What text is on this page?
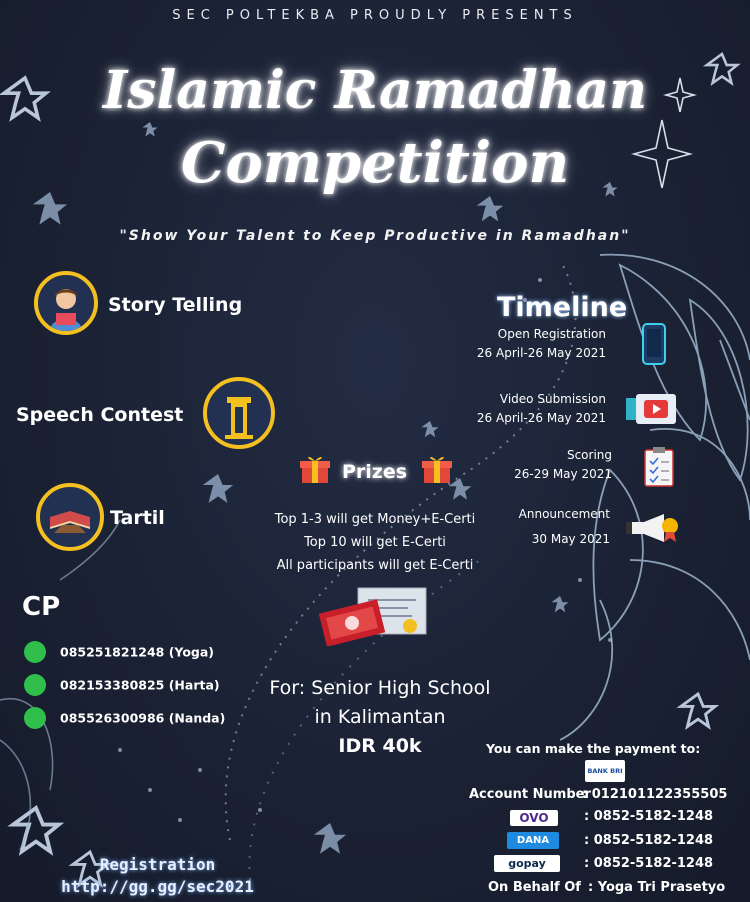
SEC POLTEKBA PROUDLY PRESENTS
Islamic Ramadhan
Competition
"Show Your Talent to Keep Productive in Ramadhan"
Story Telling
Speech Contest
Tartil
Timeline
Open Registration
26 April-26 May 2021
Video Submission
26 April-26 May 2021
Scoring
26-29 May 2021
Announcement
30 May 2021
Prizes
Top 1-3 will get Money+E-Certi
Top 10 will get E-Certi
All participants will get E-Certi
CP
085251821248 (Yoga)
082153380825 (Harta)
085526300986 (Nanda)
For: Senior High School
in Kalimantan
IDR 40k	You can make the payment to:
BANK BRI
Account Number
: 012101122355505
OVO	: 0852-5182-1248
DANA	: 0852-5182-1248
gopay	: 0852-5182-1248
On Behalf Of : Yoga Tri Prasetyo
Registration
http://gg.gg/sec2021
